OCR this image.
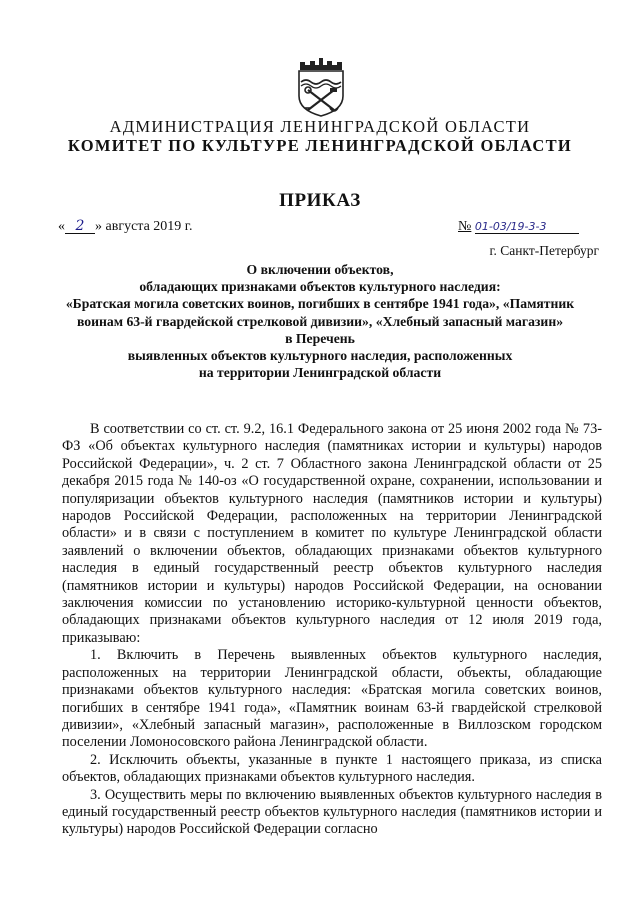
АДМИНИСТРАЦИЯ ЛЕНИНГРАДСКОЙ ОБЛАСТИ
КОМИТЕТ ПО КУЛЬТУРЕ ЛЕНИНГРАДСКОЙ ОБЛАСТИ
ПРИКАЗ
« 2 » августа 2019 г.	№ 01-03/19-3-3
г. Санкт-Петербург
О включении объектов,
обладающих признаками объектов культурного наследия:
«Братская могила советских воинов, погибших в сентябре 1941 года», «Памятник
воинам 63-й гвардейской стрелковой дивизии», «Хлебный запасный магазин»
в Перечень
выявленных объектов культурного наследия, расположенных
на территории Ленинградской области

В соответствии со ст. ст. 9.2, 16.1 Федерального закона от 25 июня 2002 года № 73-ФЗ «Об объектах культурного наследия (памятниках истории и культуры) народов Российской Федерации», ч. 2 ст. 7 Областного закона Ленинградской области от 25 декабря 2015 года № 140-оз «О государственной охране, сохранении, использовании и популяризации объектов культурного наследия (памятников истории и культуры) народов Российской Федерации, расположенных на территории Ленинградской области» и в связи с поступлением в комитет по культуре Ленинградской области заявлений о включении объектов, обладающих признаками объектов культурного наследия в единый государственный реестр объектов культурного наследия (памятников истории и культуры) народов Российской Федерации, на основании заключения комиссии по установлению историко-культурной ценности объектов, обладающих признаками объектов культурного наследия от 12 июля 2019 года, приказываю:

1. Включить в Перечень выявленных объектов культурного наследия, расположенных на территории Ленинградской области, объекты, обладающие признаками объектов культурного наследия: «Братская могила советских воинов, погибших в сентябре 1941 года», «Памятник воинам 63-й гвардейской стрелковой дивизии», «Хлебный запасный магазин», расположенные в Виллозском городском поселении Ломоносовского района Ленинградской области.

2. Исключить объекты, указанные в пункте 1 настоящего приказа, из списка объектов, обладающих признаками объектов культурного наследия.

3. Осуществить меры по включению выявленных объектов культурного наследия в единый государственный реестр объектов культурного наследия (памятников истории и культуры) народов Российской Федерации согласно
